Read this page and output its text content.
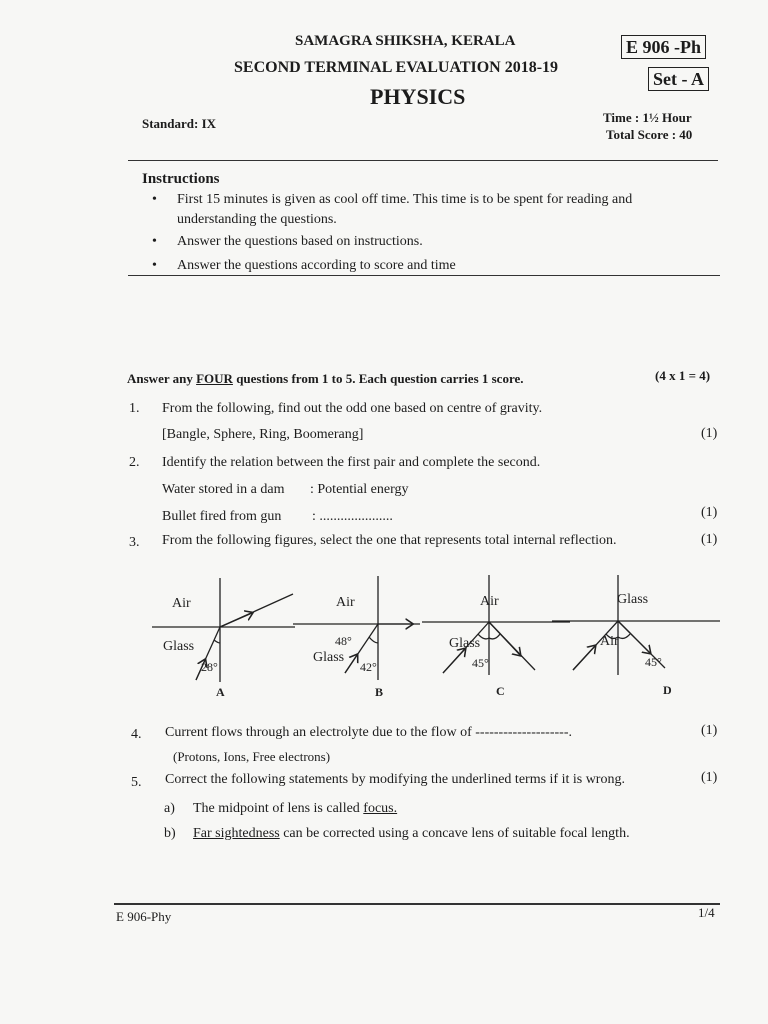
SAMAGRA SHIKSHA, KERALA
SECOND TERMINAL EVALUATION 2018-19
PHYSICS
E 906 -Ph
Set - A
Standard: IX	Time : 1½ Hour
Total Score : 40
Instructions
• First 15 minutes is given as cool off time. This time is to be spent for reading and
understanding the questions.
• Answer the questions based on instructions.
• Answer the questions according to score and time
Answer any FOUR questions from 1 to 5. Each question carries 1 score.	(4 x 1 = 4)
1. From the following, find out the odd one based on centre of gravity.
[Bangle, Sphere, Ring, Boomerang]	(1)
2. Identify the relation between the first pair and complete the second.
Water stored in a dam : Potential energy
Bullet fired from gun : .....................	(1)
3. From the following figures, select the one that represents total internal reflection.	(1)
Air
Glass
28°
A
Air
48°
Glass
42°
B
Air
Glass
45°
C
Glass
Air
45°
D
4. Current flows through an electrolyte due to the flow of --------------------.	(1)
(Protons, Ions, Free electrons)
5. Correct the following statements by modifying the underlined terms if it is wrong.	(1)
a) The midpoint of lens is called focus.
b) Far sightedness can be corrected using a concave lens of suitable focal length.
E 906-Phy	1/4
